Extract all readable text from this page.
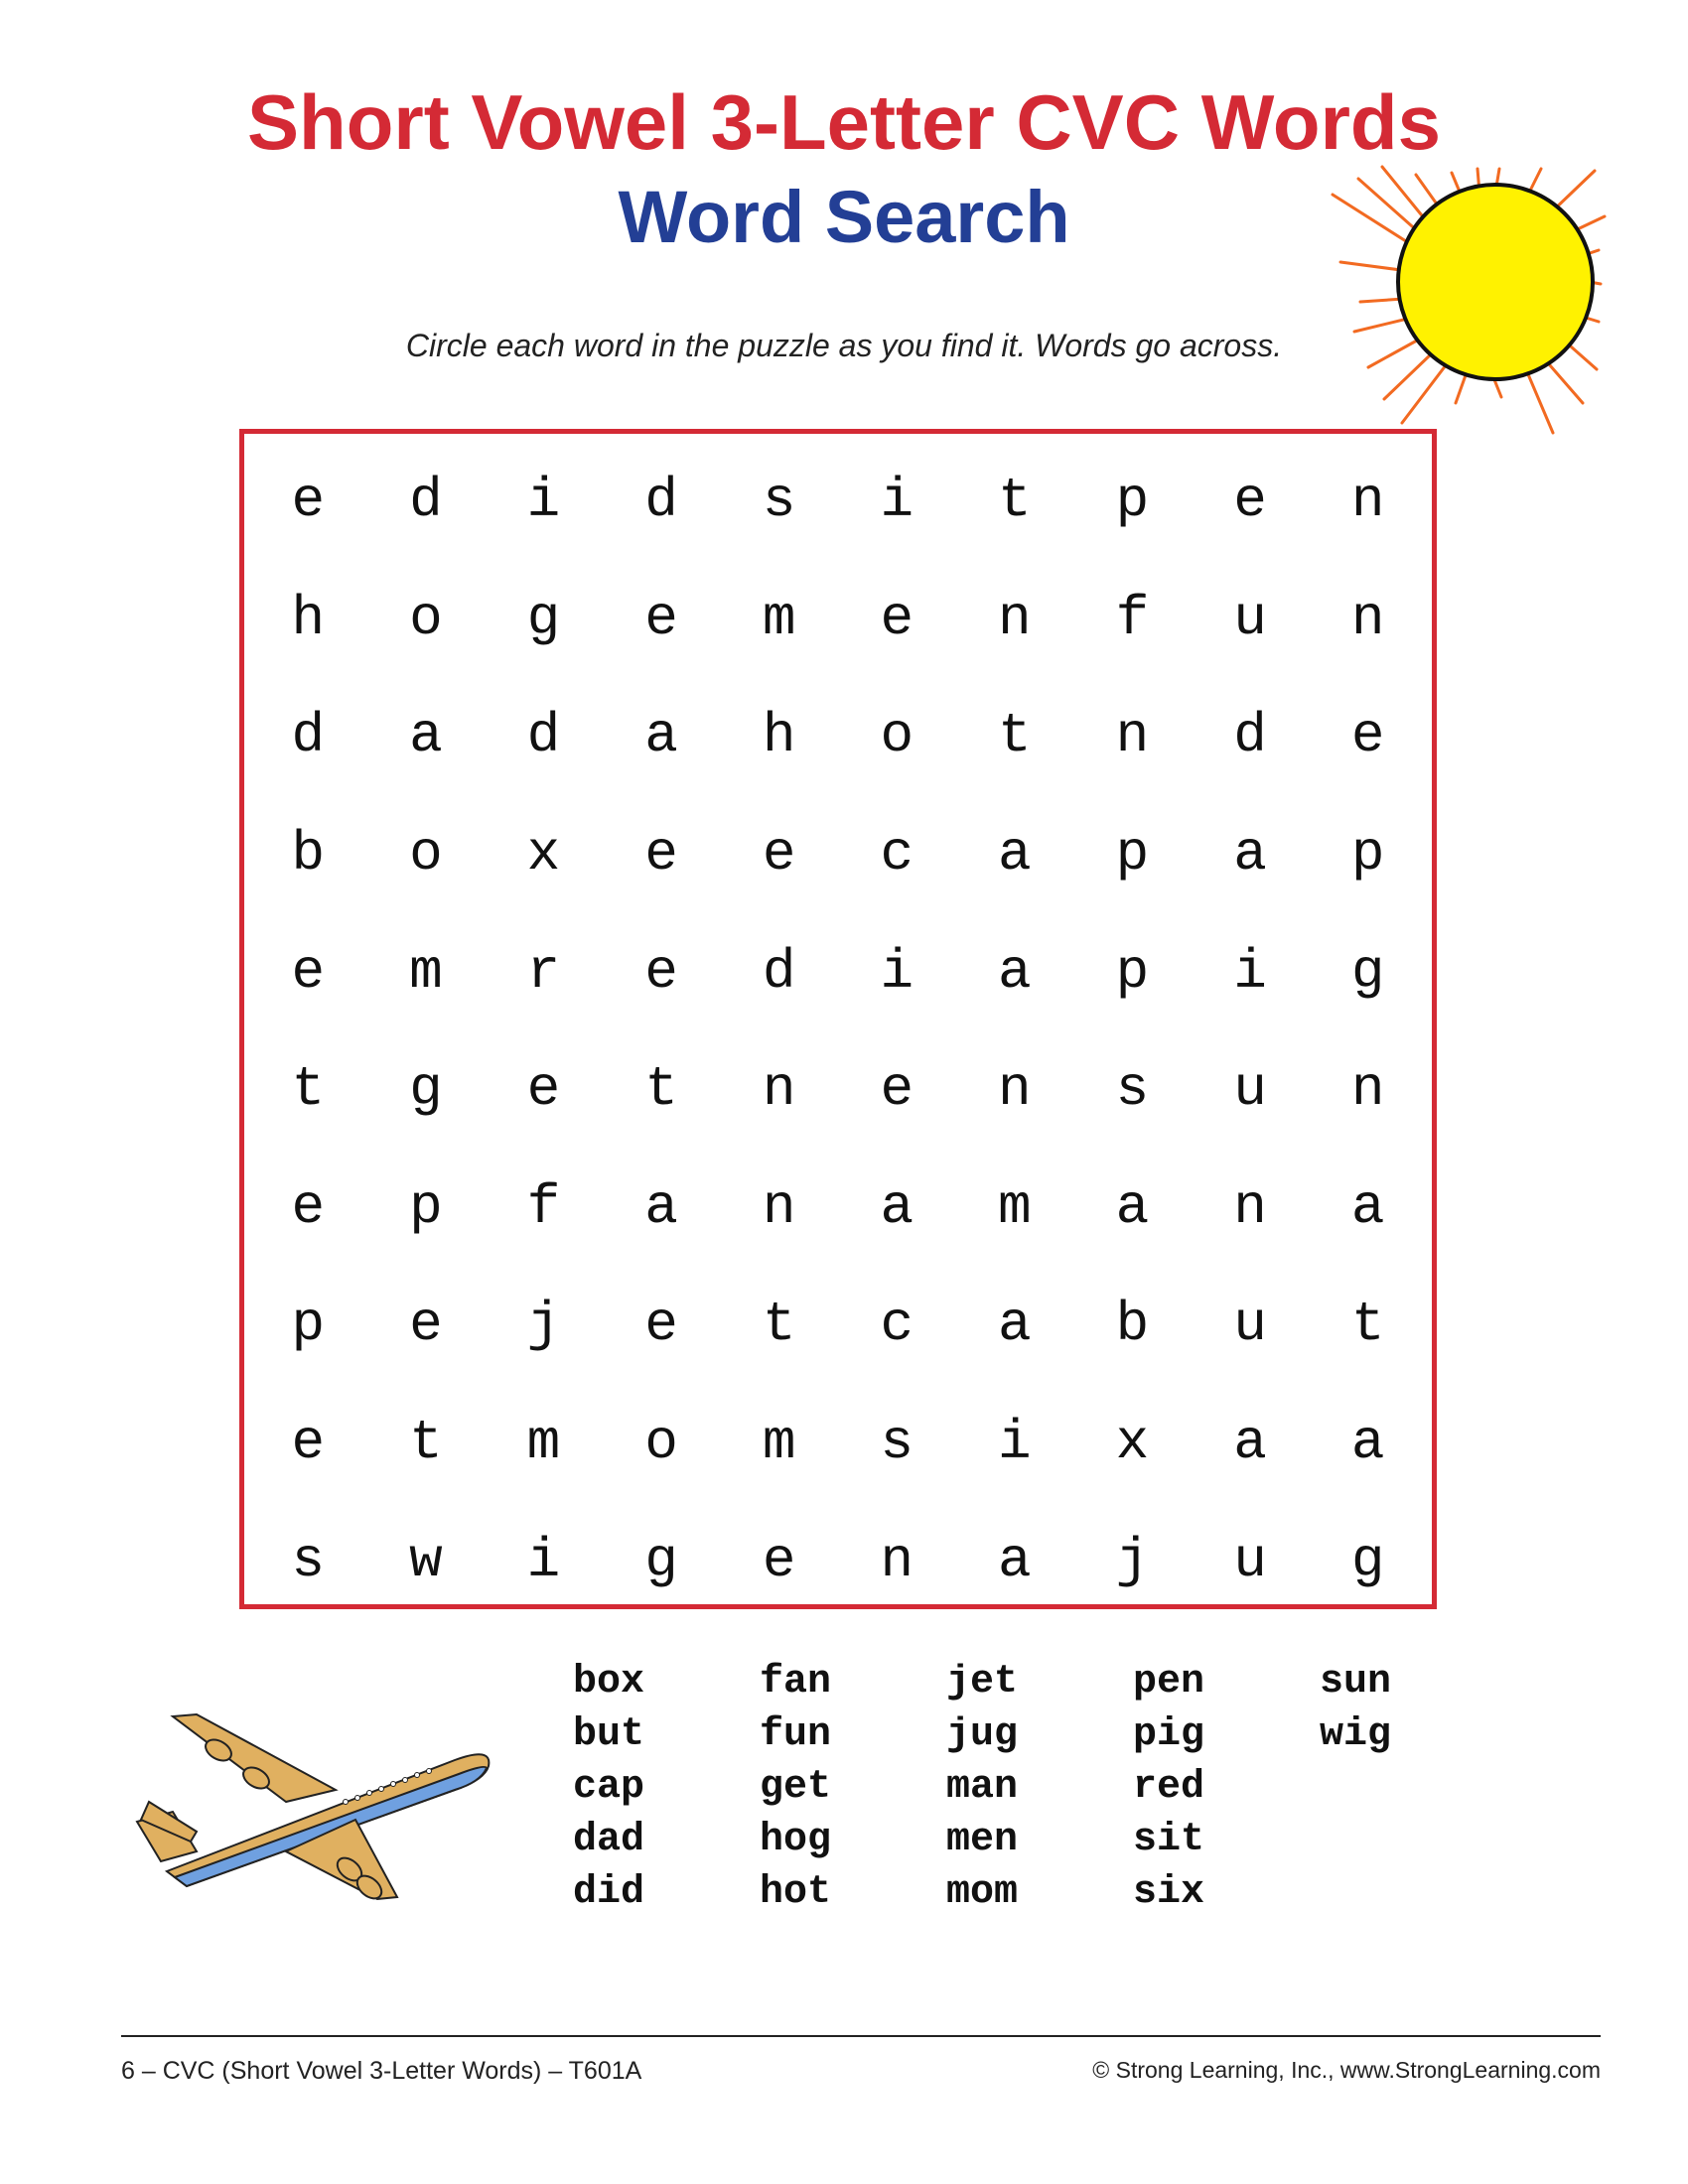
Short Vowel 3-Letter CVC Words
Word Search

Circle each word in the puzzle as you find it. Words go across.

e	d	i	d	s	i	t	p	e	n
h	o	g	e	m	e	n	f	u	n
d	a	d	a	h	o	t	n	d	e
b	o	x	e	e	c	a	p	a	p
e	m	r	e	d	i	a	p	i	g
t	g	e	t	n	e	n	s	u	n
e	p	f	a	n	a	m	a	n	a
p	e	j	e	t	c	a	b	u	t
e	t	m	o	m	s	i	x	a	a
s	w	i	g	e	n	a	j	u	g
box
but
cap
dad
did
fan
fun
get
hog
hot
jet
jug
man
men
mom
pen
pig
red
sit
six
sun
wig
6 – CVC (Short Vowel 3-Letter Words) – T601A	© Strong Learning, Inc., www.StrongLearning.com
